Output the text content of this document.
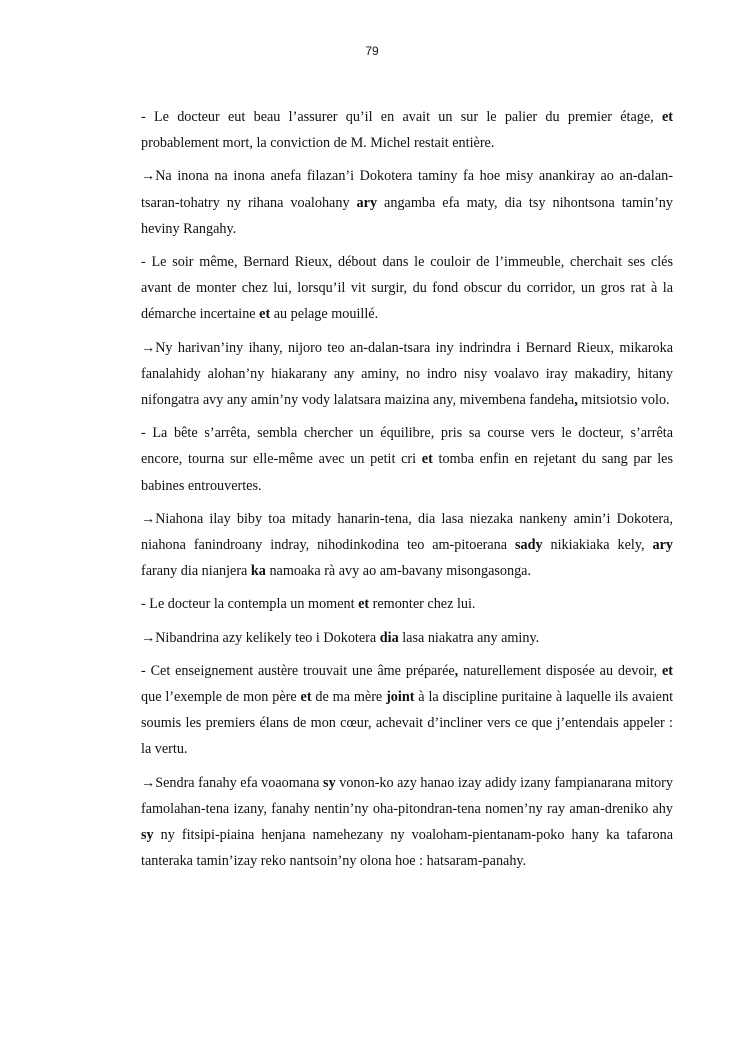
79

- Le docteur eut beau l’assurer qu’il en avait un sur le palier du premier étage, et probablement mort, la conviction de M. Michel restait entière.

→Na inona na inona anefa filazan’i Dokotera taminy fa hoe misy anankiray ao an-dalan-tsaran-tohatry ny rihana voalohany ary angamba efa maty, dia tsy nihontsona tamin’ny heviny Rangahy.

- Le soir même, Bernard Rieux, débout dans le couloir de l’immeuble, cherchait ses clés avant de monter chez lui, lorsqu’il vit surgir, du fond obscur du corridor, un gros rat à la démarche incertaine et au pelage mouillé.

→Ny harivan’iny ihany, nijoro teo an-dalan-tsara iny indrindra i Bernard Rieux, mikaroka fanalahidy alohan’ny hiakarany any aminy, no indro nisy voalavo iray makadiry, hitany nifongatra avy any amin’ny vody lalatsara maizina any, mivembena fandeha, mitsiotsio volo.

- La bête s’arrêta, sembla chercher un équilibre, pris sa course vers le docteur, s’arrêta encore, tourna sur elle-même avec un petit cri et tomba enfin en rejetant du sang par les babines entrouvertes.

→Niahona ilay biby toa mitady hanarin-tena, dia lasa niezaka nankeny amin’i Dokotera, niahona fanindroany indray, nihodinkodina teo am-pitoerana sady nikiakiaka kely, ary farany dia nianjera ka namoaka rà avy ao am-bavany misongasonga.

- Le docteur la contempla un moment et remonter chez lui.

→Nibandrina azy kelikely teo i Dokotera dia lasa niakatra any aminy.

- Cet enseignement austère trouvait une âme préparée, naturellement disposée au devoir, et que l’exemple de mon père et de ma mère joint à la discipline puritaine à laquelle ils avaient soumis les premiers élans de mon cœur, achevait d’incliner vers ce que j’entendais appeler : la vertu.

→Sendra fanahy efa voaomana sy vonon-ko azy hanao izay adidy izany fampianarana mitory famolahan-tena izany, fanahy nentin’ny oha-pitondran-tena nomen’ny ray aman-dreniko ahy sy ny fitsipi-piaina henjana namehezany ny voaloham-pientanam-poko hany ka tafarona tanteraka tamin’izay reko nantsoin’ny olona hoe : hatsaram-panahy.
